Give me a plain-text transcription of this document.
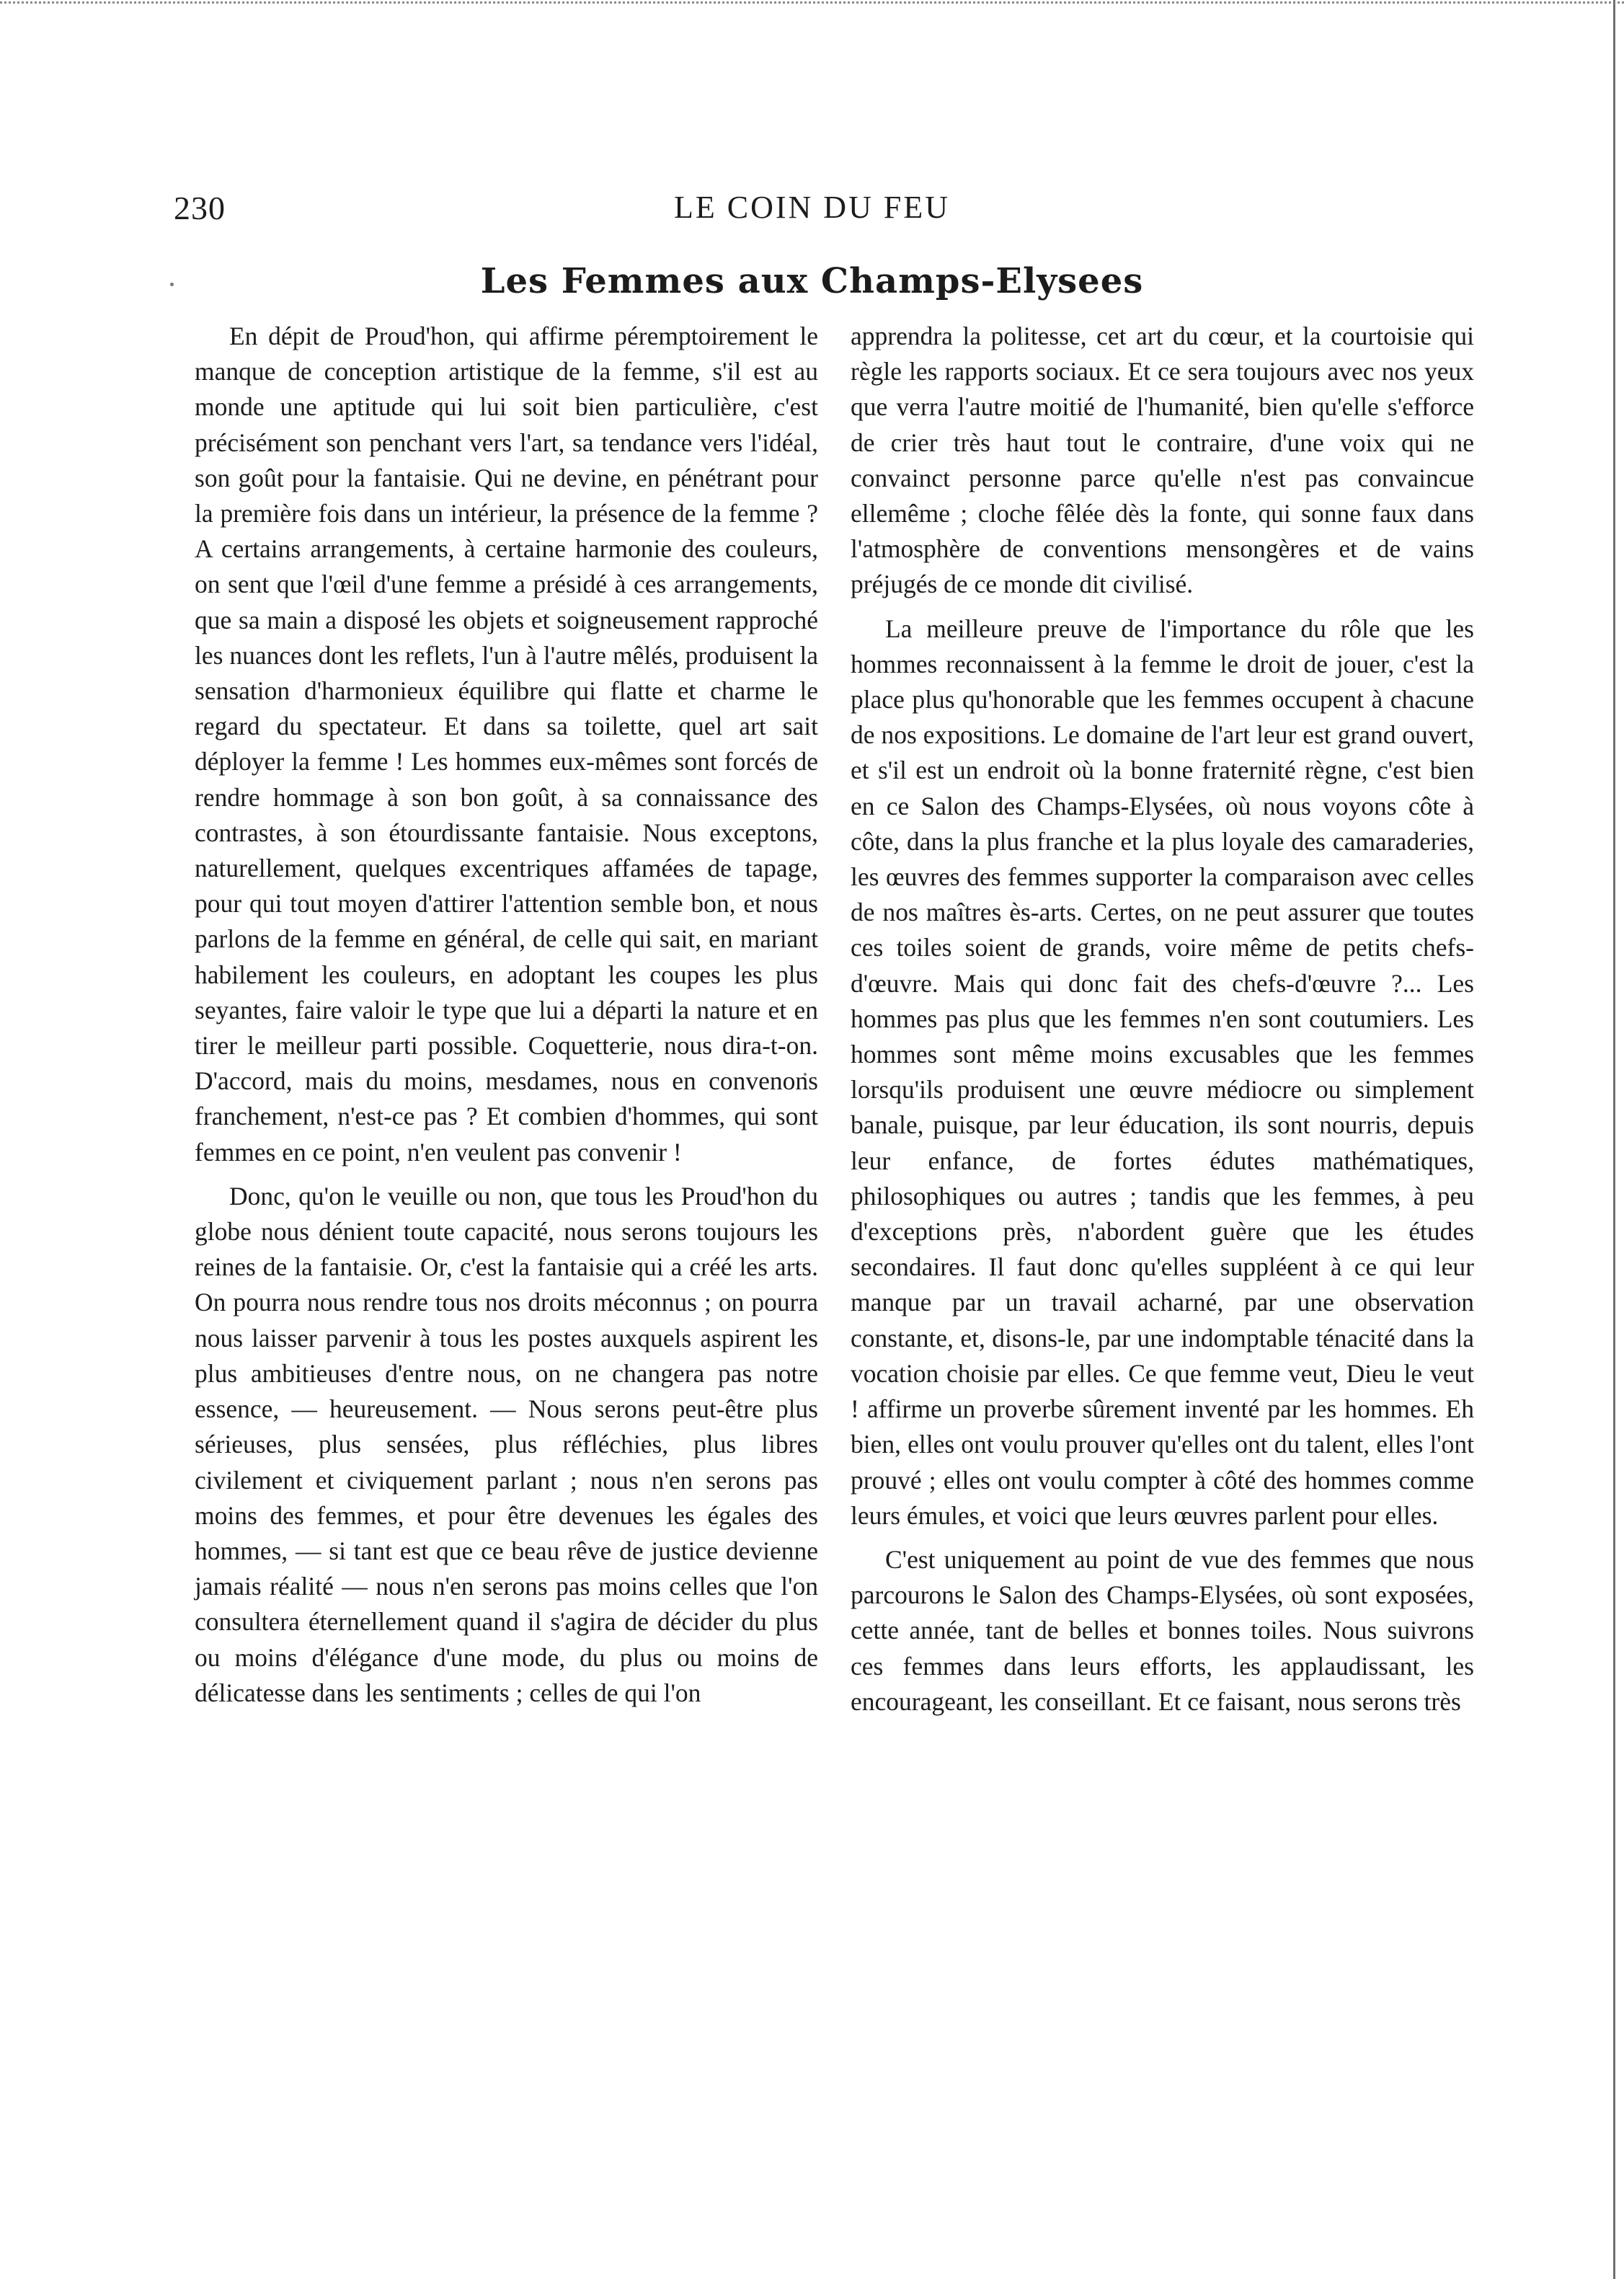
230	LE COIN DU FEU
Les Femmes aux Champs-Elysees

En dépit de Proud'hon, qui affirme péremptoirement le manque de conception artistique de la femme, s'il est au monde une aptitude qui lui soit bien particulière, c'est précisément son penchant vers l'art, sa tendance vers l'idéal, son goût pour la fantaisie. Qui ne devine, en pénétrant pour la première fois dans un intérieur, la présence de la femme ? A certains arrangements, à certaine harmonie des couleurs, on sent que l'œil d'une femme a présidé à ces arrangements, que sa main a disposé les objets et soigneusement rapproché les nuances dont les reflets, l'un à l'autre mêlés, produisent la sensation d'harmonieux équilibre qui flatte et charme le regard du spectateur. Et dans sa toilette, quel art sait déployer la femme ! Les hommes eux-mêmes sont forcés de rendre hommage à son bon goût, à sa connaissance des contrastes, à son étourdissante fantaisie. Nous exceptons, naturellement, quelques excentriques affamées de tapage, pour qui tout moyen d'attirer l'attention semble bon, et nous parlons de la femme en général, de celle qui sait, en mariant habilement les couleurs, en adoptant les coupes les plus seyantes, faire valoir le type que lui a départi la nature et en tirer le meilleur parti possible. Coquetterie, nous dira-t-on. D'accord, mais du moins, mesdames, nous en convenons franchement, n'est-ce pas ? Et combien d'hommes, qui sont femmes en ce point, n'en veulent pas convenir !

Donc, qu'on le veuille ou non, que tous les Proud'hon du globe nous dénient toute capacité, nous serons toujours les reines de la fantaisie. Or, c'est la fantaisie qui a créé les arts. On pourra nous rendre tous nos droits méconnus ; on pourra nous laisser parvenir à tous les postes auxquels aspirent les plus ambitieuses d'entre nous, on ne changera pas notre essence, — heureusement. — Nous serons peut-être plus sérieuses, plus sensées, plus réfléchies, plus libres civilement et civiquement parlant ; nous n'en serons pas moins des femmes, et pour être devenues les égales des hommes, — si tant est que ce beau rêve de justice devienne jamais réalité — nous n'en serons pas moins celles que l'on consultera éternellement quand il s'agira de décider du plus ou moins d'élégance d'une mode, du plus ou moins de délicatesse dans les sentiments ; celles de qui l'on

apprendra la politesse, cet art du cœur, et la courtoisie qui règle les rapports sociaux. Et ce sera toujours avec nos yeux que verra l'autre moitié de l'humanité, bien qu'elle s'efforce de crier très haut tout le contraire, d'une voix qui ne convainct personne parce qu'elle n'est pas convaincue ellemême ; cloche fêlée dès la fonte, qui sonne faux dans l'atmosphère de conventions mensongères et de vains préjugés de ce monde dit civilisé.

La meilleure preuve de l'importance du rôle que les hommes reconnaissent à la femme le droit de jouer, c'est la place plus qu'honorable que les femmes occupent à chacune de nos expositions. Le domaine de l'art leur est grand ouvert, et s'il est un endroit où la bonne fraternité règne, c'est bien en ce Salon des Champs-Elysées, où nous voyons côte à côte, dans la plus franche et la plus loyale des camaraderies, les œuvres des femmes supporter la comparaison avec celles de nos maîtres ès-arts. Certes, on ne peut assurer que toutes ces toiles soient de grands, voire même de petits chefs-d'œuvre. Mais qui donc fait des chefs-d'œuvre ?... Les hommes pas plus que les femmes n'en sont coutumiers. Les hommes sont même moins excusables que les femmes lorsqu'ils produisent une œuvre médiocre ou simplement banale, puisque, par leur éducation, ils sont nourris, depuis leur enfance, de fortes édutes mathématiques, philosophiques ou autres ; tandis que les femmes, à peu d'exceptions près, n'abordent guère que les études secondaires. Il faut donc qu'elles suppléent à ce qui leur manque par un travail acharné, par une observation constante, et, disons-le, par une indomptable ténacité dans la vocation choisie par elles. Ce que femme veut, Dieu le veut ! affirme un proverbe sûrement inventé par les hommes. Eh bien, elles ont voulu prouver qu'elles ont du talent, elles l'ont prouvé ; elles ont voulu compter à côté des hommes comme leurs émules, et voici que leurs œuvres parlent pour elles.

C'est uniquement au point de vue des femmes que nous parcourons le Salon des Champs-Elysées, où sont exposées, cette année, tant de belles et bonnes toiles. Nous suivrons ces femmes dans leurs efforts, les applaudissant, les encourageant, les conseillant. Et ce faisant, nous serons très
